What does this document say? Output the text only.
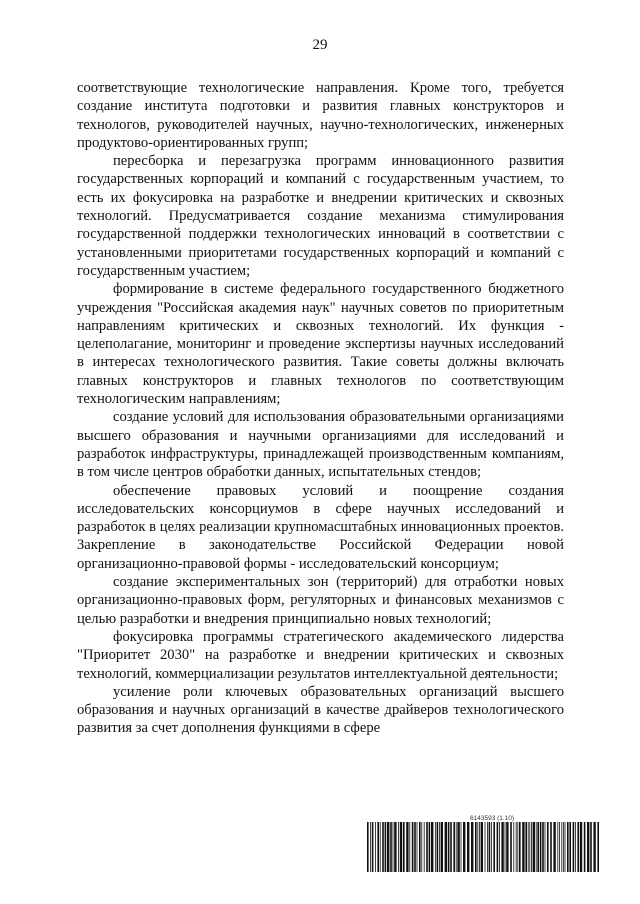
29

соответствующие технологические направления. Кроме того, требуется создание института подготовки и развития главных конструкторов и технологов, руководителей научных, научно-технологических, инженерных продуктово-ориентированных групп;

пересборка и перезагрузка программ инновационного развития государственных корпораций и компаний с государственным участием, то есть их фокусировка на разработке и внедрении критических и сквозных технологий. Предусматривается создание механизма стимулирования государственной поддержки технологических инноваций в соответствии с установленными приоритетами государственных корпораций и компаний с государственным участием;

формирование в системе федерального государственного бюджетного учреждения "Российская академия наук" научных советов по приоритетным направлениям критических и сквозных технологий. Их функция - целеполагание, мониторинг и проведение экспертизы научных исследований в интересах технологического развития. Такие советы должны включать главных конструкторов и главных технологов по соответствующим технологическим направлениям;

создание условий для использования образовательными организациями высшего образования и научными организациями для исследований и разработок инфраструктуры, принадлежащей производственным компаниям, в том числе центров обработки данных, испытательных стендов;

обеспечение правовых условий и поощрение создания исследовательских консорциумов в сфере научных исследований и разработок в целях реализации крупномасштабных инновационных проектов. Закрепление в законодательстве Российской Федерации новой организационно-правовой формы - исследовательский консорциум;

создание экспериментальных зон (территорий) для отработки новых организационно-правовых форм, регуляторных и финансовых механизмов с целью разработки и внедрения принципиально новых технологий;

фокусировка программы стратегического академического лидерства "Приоритет 2030" на разработке и внедрении критических и сквозных технологий, коммерциализации результатов интеллектуальной деятельности;

усиление роли ключевых образовательных организаций высшего образования и научных организаций в качестве драйверов технологического развития за счет дополнения функциями в сфере

6143593 (1.10)
